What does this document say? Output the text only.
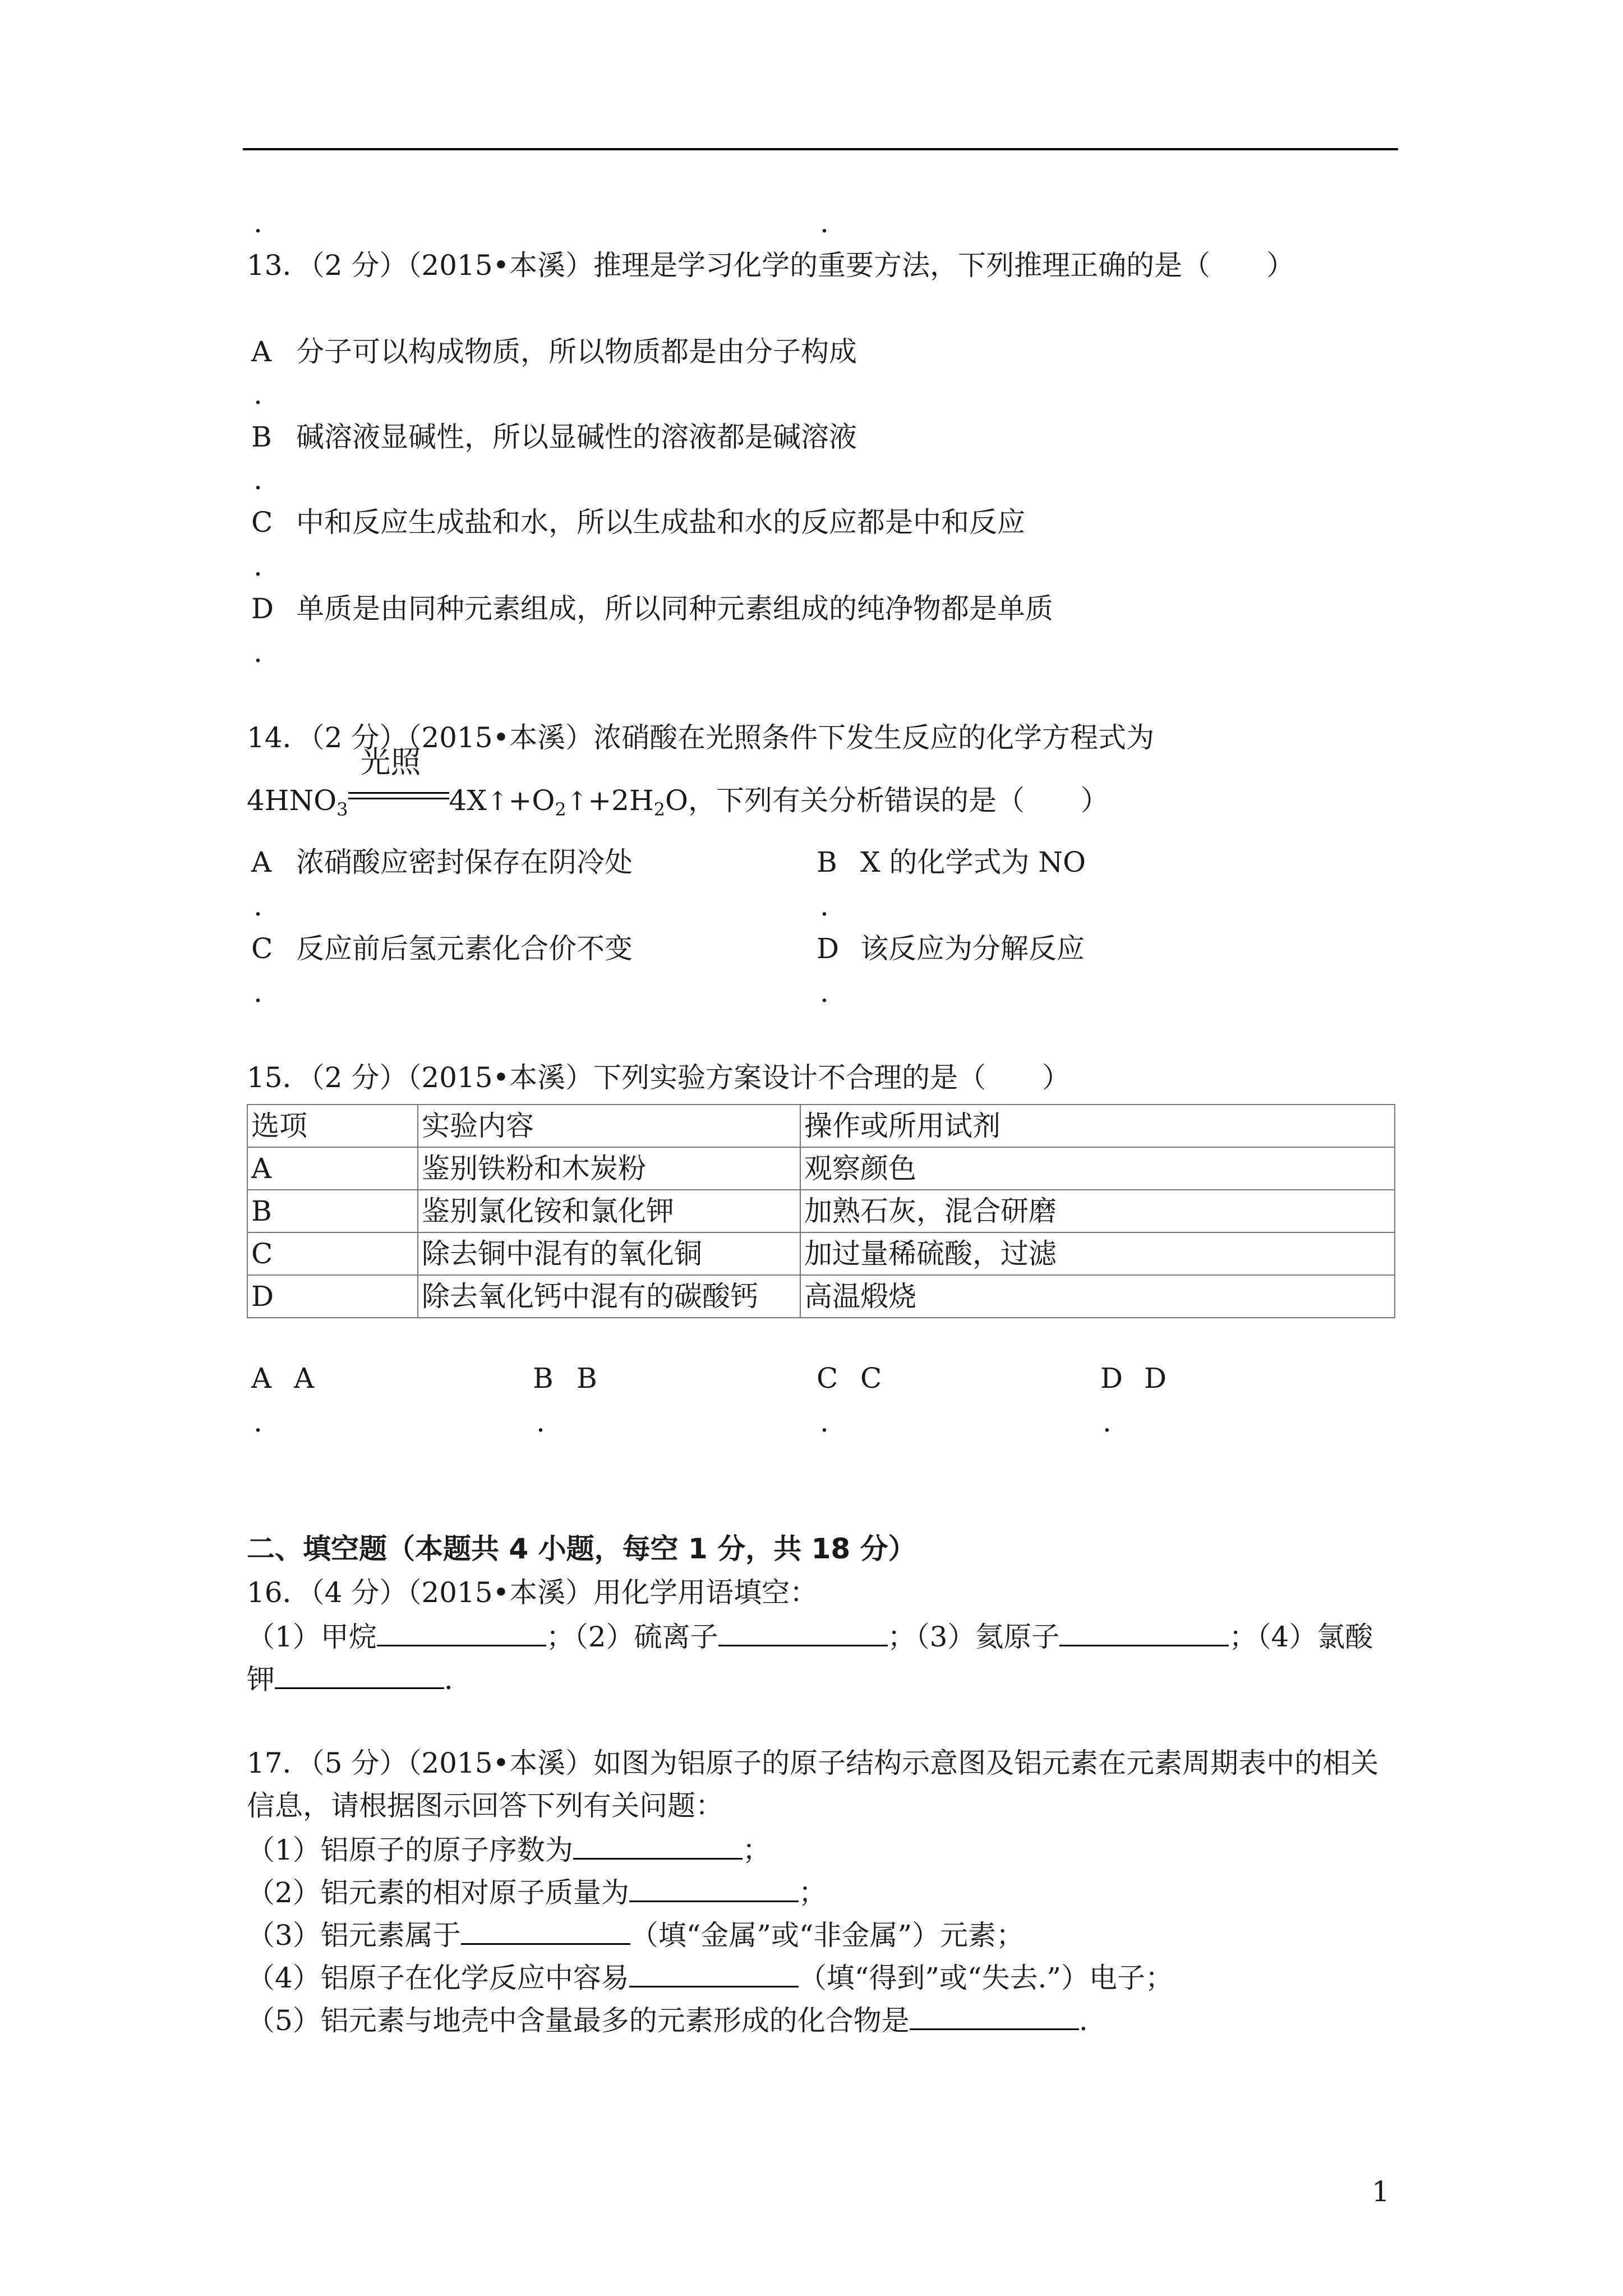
.	.
13．（2 分）（2015•本溪）推理是学习化学的重要方法，下列推理正确的是（　　）
A 分子可以构成物质，所以物质都是由分子构成
.
B 碱溶液显碱性，所以显碱性的溶液都是碱溶液
.
C 中和反应生成盐和水，所以生成盐和水的反应都是中和反应
.
D 单质是由同种元素组成，所以同种元素组成的纯净物都是单质
.
14．（2 分）（2015•本溪）浓硝酸在光照条件下发生反应的化学方程式为
$4HNO_3$
光照
$4X↑+O_2↑+2H_2O$，下列有关分析错误的是（　　）
A 浓硝酸应密封保存在阴冷处
.
B X 的化学式为 NO
.
C 反应前后氢元素化合价不变
.
D 该反应为分解反应
.
15．（2 分）（2015•本溪）下列实验方案设计不合理的是（　　）
选项	实验内容	操作或所用试剂
A	鉴别铁粉和木炭粉	观察颜色
B	鉴别氯化铵和氯化钾	加熟石灰，混合研磨
C	除去铜中混有的氧化铜	加过量稀硫酸，过滤
D	除去氧化钙中混有的碳酸钙	高温煅烧
A A
.
B B
.
C C
.
D D
.
二、填空题（本题共 4 小题，每空 1 分，共 18 分）
16．（4 分）（2015•本溪）用化学用语填空：
（1）甲烷	；（2）硫离子	；（3）氦原子	；（4）氯酸
钾	．
17．（5 分）（2015•本溪）如图为铝原子的原子结构示意图及铝元素在元素周期表中的相关
信息，请根据图示回答下列有关问题：
（1）铝原子的原子序数为	；
（2）铝元素的相对原子质量为	；
（3）铝元素属于	（填“金属”或“非金属”）元素；
（4）铝原子在化学反应中容易	（填“得到”或“失去.”）电子；
（5）铝元素与地壳中含量最多的元素形成的化合物是	.
1
